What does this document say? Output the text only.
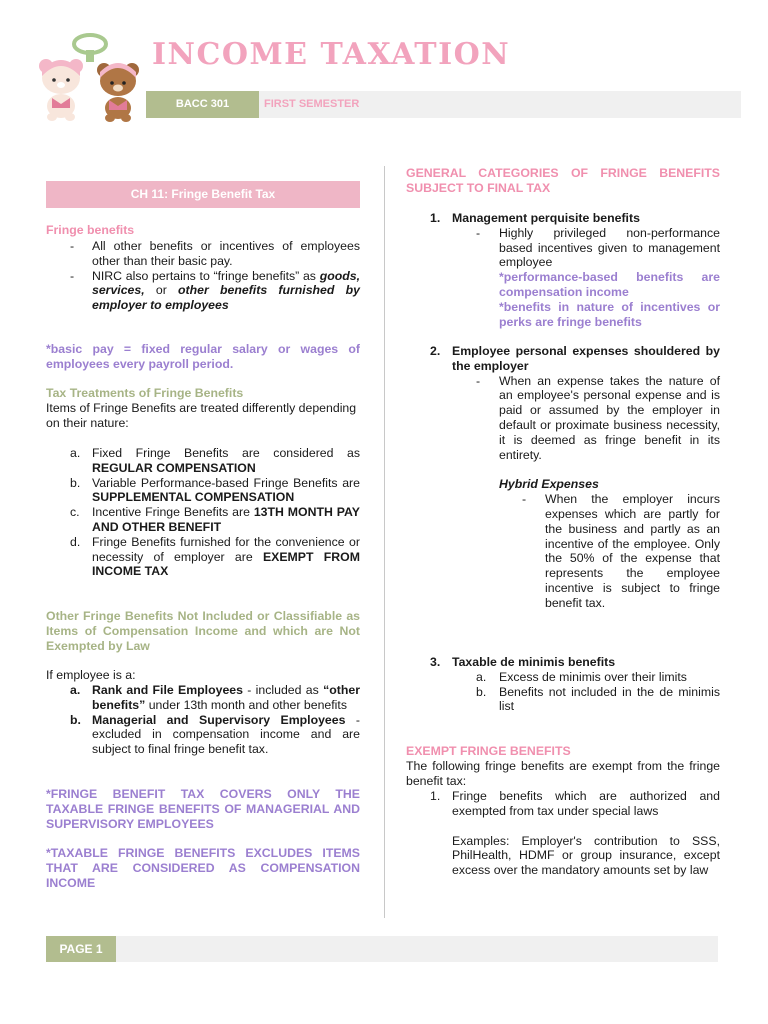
INCOME TAXATION
BACC 301	FIRST SEMESTER
CH 11: Fringe Benefit Tax
Fringe benefits
- All other benefits or incentives of employees other than their basic pay.
- NIRC also pertains to “fringe benefits” as goods, services, or other benefits furnished by employer to employees
*basic pay = fixed regular salary or wages of employees every payroll period.
Tax Treatments of Fringe Benefits
Items of Fringe Benefits are treated differently depending on their nature:
a. Fixed Fringe Benefits are considered as REGULAR COMPENSATION
b. Variable Performance-based Fringe Benefits are SUPPLEMENTAL COMPENSATION
c. Incentive Fringe Benefits are 13TH MONTH PAY AND OTHER BENEFIT
d. Fringe Benefits furnished for the convenience or necessity of employer are EXEMPT FROM INCOME TAX
Other Fringe Benefits Not Included or Classifiable as Items of Compensation Income and which are Not Exempted by Law
If employee is a:
a. Rank and File Employees - included as “other benefits” under 13th month and other benefits
b. Managerial and Supervisory Employees - excluded in compensation income and are subject to final fringe benefit tax.
*FRINGE BENEFIT TAX COVERS ONLY THE TAXABLE FRINGE BENEFITS OF MANAGERIAL AND SUPERVISORY EMPLOYEES
*TAXABLE FRINGE BENEFITS EXCLUDES ITEMS THAT ARE CONSIDERED AS COMPENSATION INCOME
GENERAL CATEGORIES OF FRINGE BENEFITS SUBJECT TO FINAL TAX
1. Management perquisite benefits
- Highly privileged non-performance based incentives given to management employee
*performance-based benefits are compensation income
*benefits in nature of incentives or perks are fringe benefits
2. Employee personal expenses shouldered by the employer
- When an expense takes the nature of an employee's personal expense and is paid or assumed by the employer in default or proximate business necessity, it is deemed as fringe benefit in its entirety.
Hybrid Expenses
- When the employer incurs expenses which are partly for the business and partly as an incentive of the employee. Only the 50% of the expense that represents the employee incentive is subject to fringe benefit tax.
3. Taxable de minimis benefits
a. Excess de minimis over their limits
b. Benefits not included in the de minimis list
EXEMPT FRINGE BENEFITS
The following fringe benefits are exempt from the fringe benefit tax:
1. Fringe benefits which are authorized and exempted from tax under special laws
Examples: Employer's contribution to SSS, PhilHealth, HDMF or group insurance, except excess over the mandatory amounts set by law
PAGE 1
